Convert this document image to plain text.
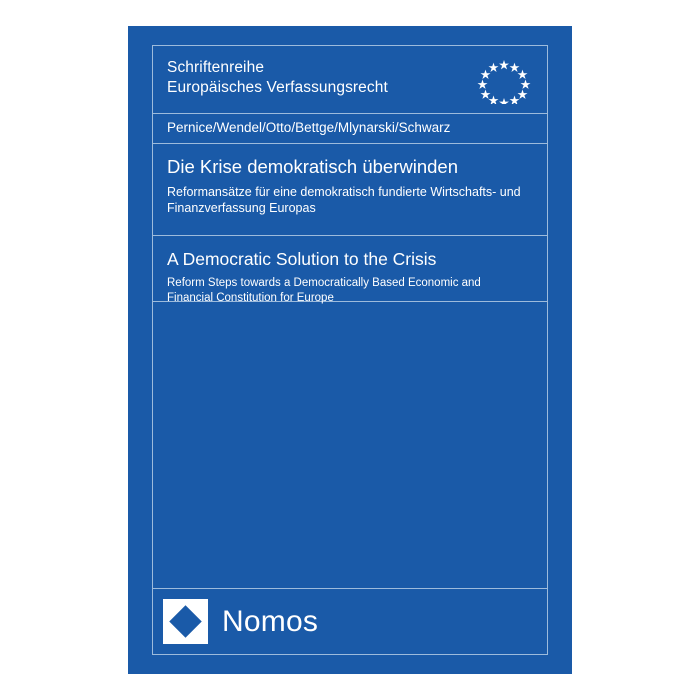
Schriftenreihe
Europäisches Verfassungsrecht
Pernice/Wendel/Otto/Bettge/Mlynarski/Schwarz
Die Krise demokratisch überwinden
Reformansätze für eine demokratisch fundierte Wirtschafts- und
Finanzverfassung Europas
A Democratic Solution to the Crisis
Reform Steps towards a Democratically Based Economic and
Financial Constitution for Europe
Nomos
